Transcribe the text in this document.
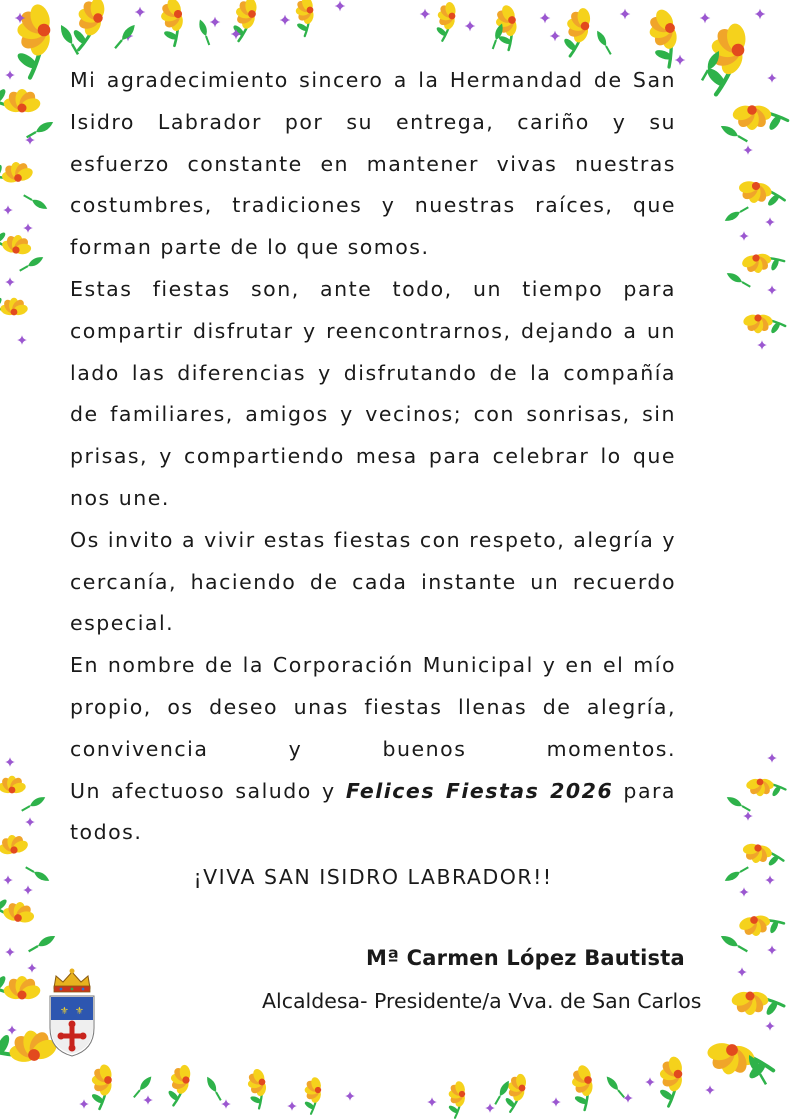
Mi agradecimiento sincero a la Hermandad de San Isidro Labrador por su entrega, cariño y su esfuerzo constante en mantener vivas nuestras costumbres, tradiciones y nuestras raíces, que forman parte de lo que somos.

Estas fiestas son, ante todo, un tiempo para compartir disfrutar y reencontrarnos, dejando a un lado las diferencias y disfrutando de la compañía de familiares, amigos y vecinos; con sonrisas, sin prisas, y compartiendo mesa para celebrar lo que nos une.

Os invito a vivir estas fiestas con respeto, alegría y cercanía, haciendo de cada instante un recuerdo especial.

En nombre de la Corporación Municipal y en el mío propio, os deseo unas fiestas llenas de alegría, convivencia y buenos momentos.

Un afectuoso saludo y Felices Fiestas 2026 para todos.

¡VIVA SAN ISIDRO LABRADOR!!
Mª Carmen López Bautista
Alcaldesa- Presidente/a Vva. de San Carlos
⚜ ⚜
